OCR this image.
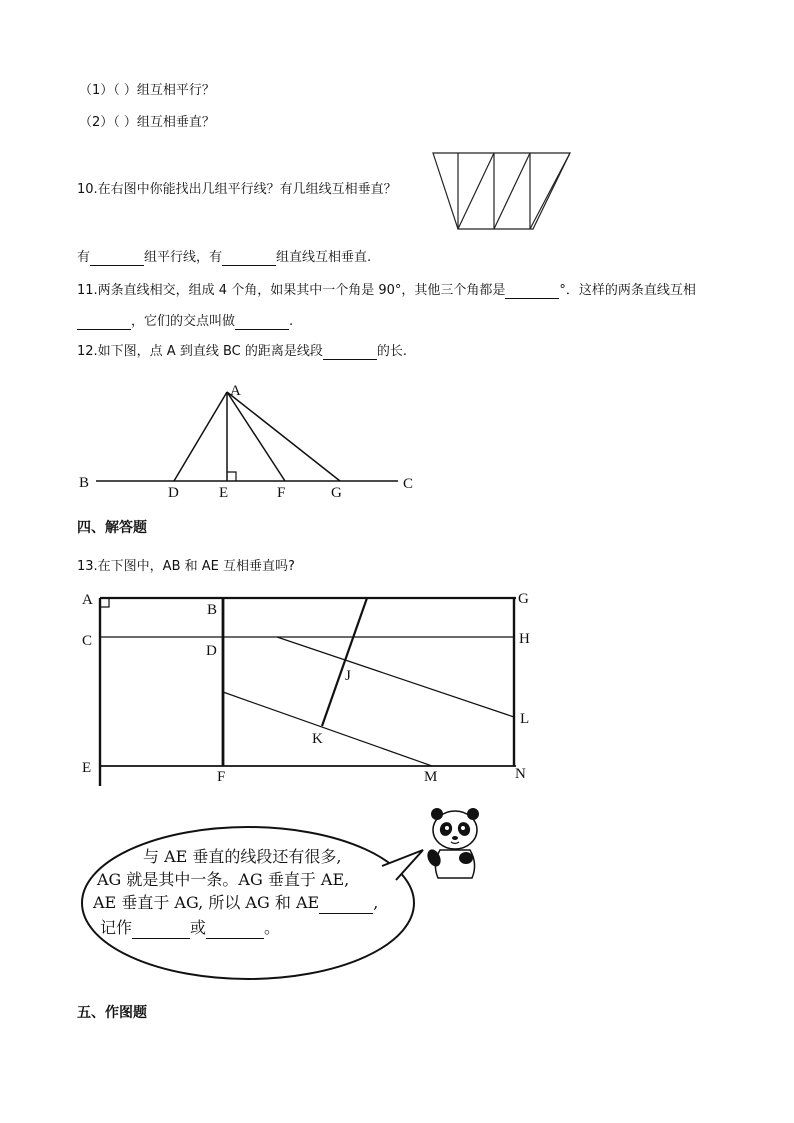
（1）（ ）组互相平行？
（2）（ ）组互相垂直？
10.在右图中你能找出几组平行线？有几组线互相垂直？
有	组平行线，有	组直线互相垂直.
11.两条直线相交，组成 4 个角，如果其中一个角是 90°，其他三个角都是	°．这样的两条直线互相
，它们的交点叫做	.
12.如下图，点 A 到直线 BC 的距离是线段	的长.
A
B
D	E	F	G
C
四、解答题
13.在下图中，AB 和 AE 互相垂直吗?
A
B
G
C
D
H
J
K
L
E
F	M	N
与 AE 垂直的线段还有很多,
AG 就是其中一条。AG 垂直于 AE,
AE 垂直于 AG, 所以 AG 和 AE	,
记作	或	。
五、作图题
